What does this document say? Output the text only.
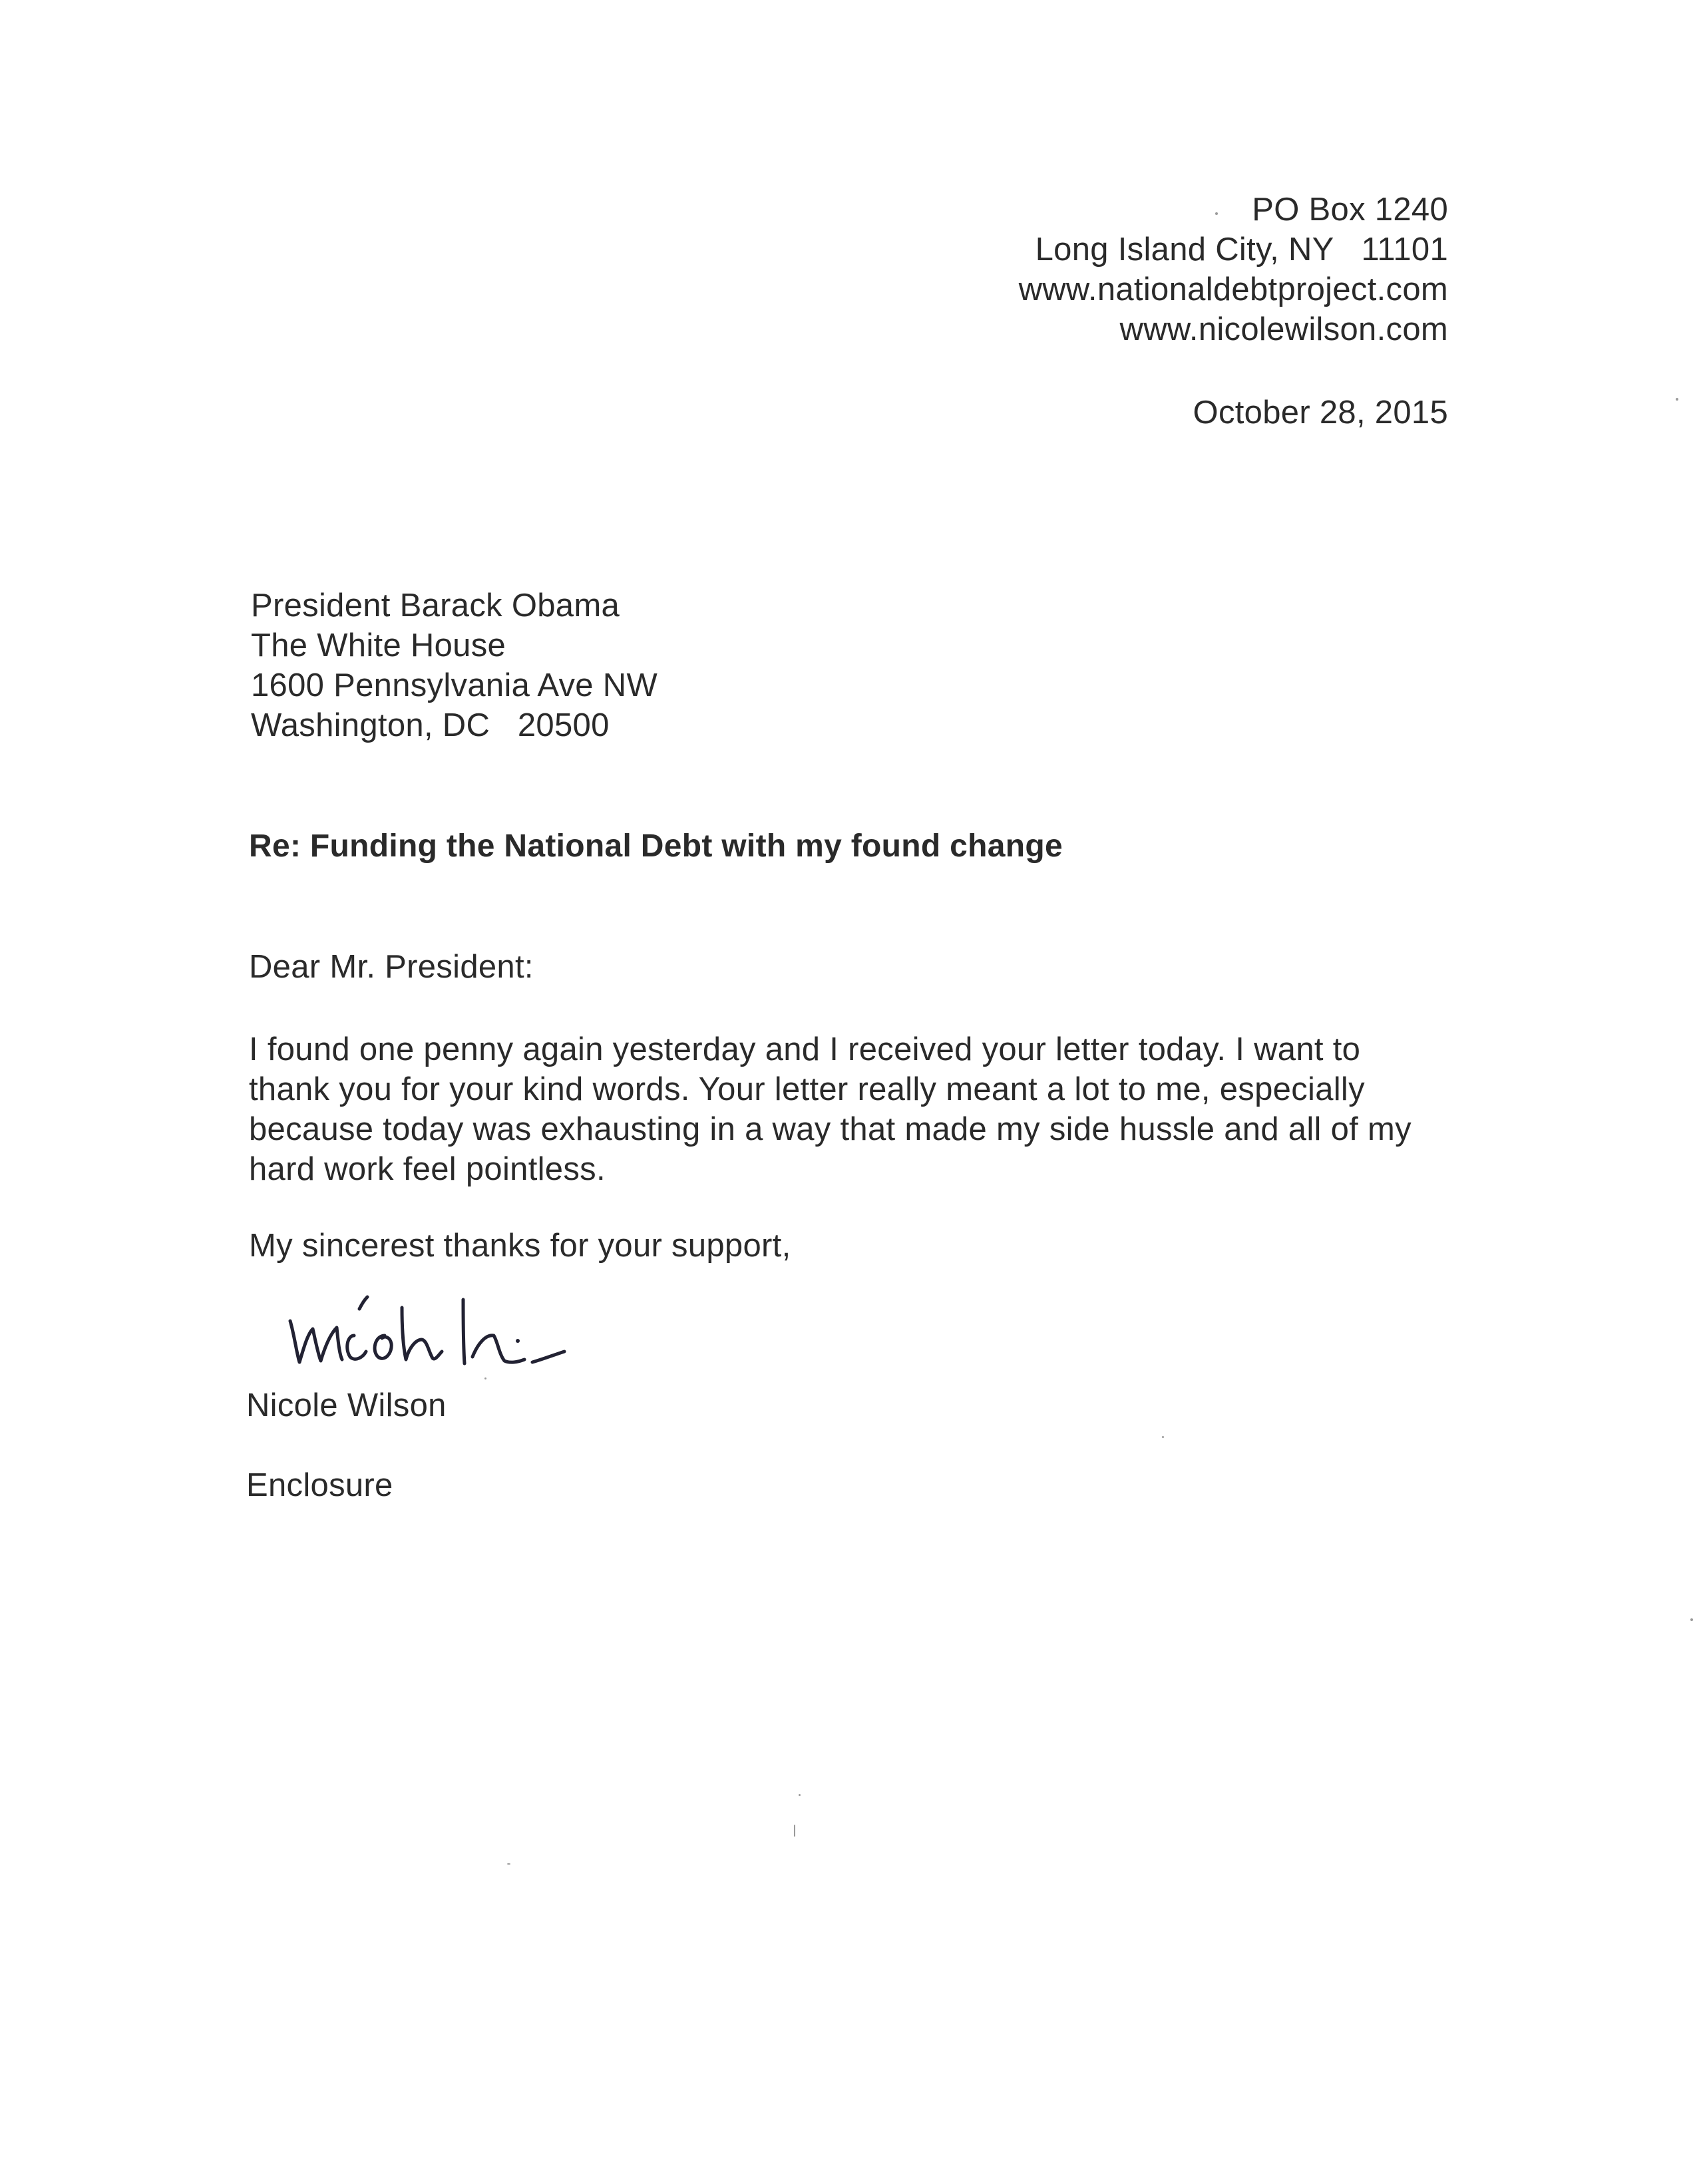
PO Box 1240
Long Island City, NY   11101
www.nationaldebtproject.com
www.nicolewilson.com
October 28, 2015
President Barack Obama
The White House
1600 Pennsylvania Ave NW
Washington, DC   20500
Re: Funding the National Debt with my found change
Dear Mr. President:
I found one penny again yesterday and I received your letter today. I want to
thank you for your kind words. Your letter really meant a lot to me, especially
because today was exhausting in a way that made my side hussle and all of my
hard work feel pointless.
My sincerest thanks for your support,
Nicole Wilson
Enclosure
